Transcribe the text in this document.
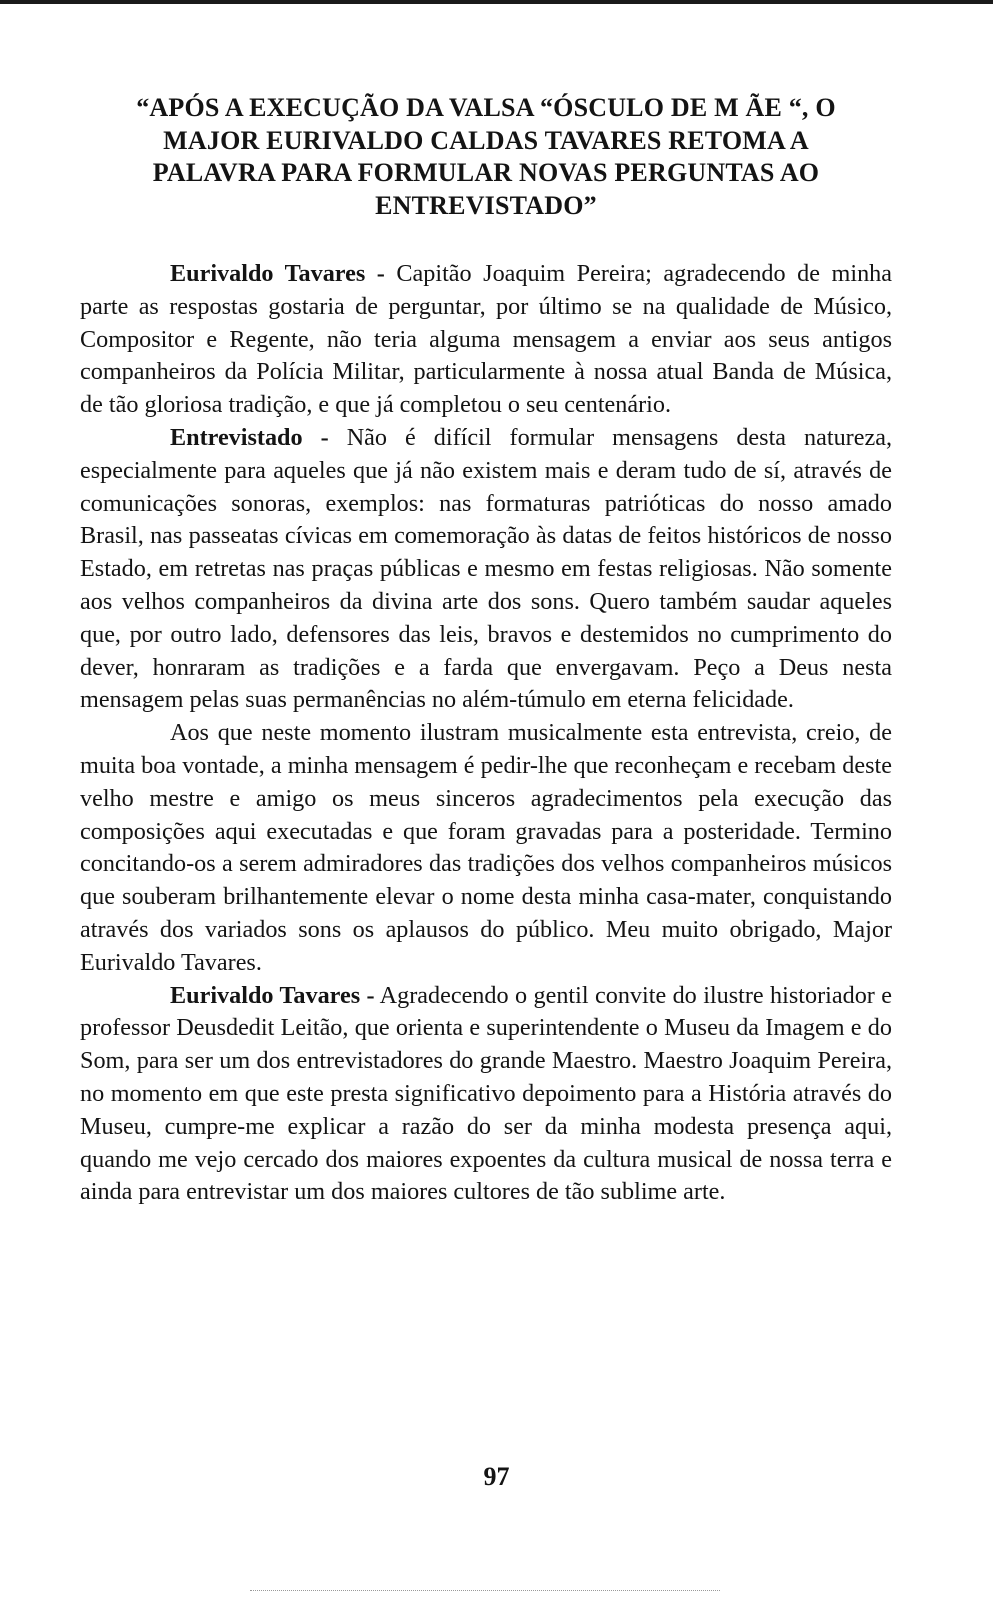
“APÓS A EXECUÇÃO DA VALSA “ÓSCULO DE M ÃE “, O
MAJOR EURIVALDO CALDAS TAVARES RETOMA A
PALAVRA PARA FORMULAR NOVAS PERGUNTAS AO
ENTREVISTADO”

Eurivaldo Tavares - Capitão Joaquim Pereira; agradecendo de minha parte as respostas gostaria de perguntar, por último se na qualidade de Músico, Compositor e Regente, não teria alguma mensagem a enviar aos seus antigos companheiros da Polícia Militar, particularmente à nossa atual Banda de Música, de tão gloriosa tradição, e que já completou o seu centenário.

Entrevistado - Não é difícil formular mensagens desta natureza, especialmente para aqueles que já não existem mais e deram tudo de sí, através de comunicações sonoras, exemplos: nas formaturas patrióticas do nosso amado Brasil, nas passeatas cívicas em comemoração às datas de feitos históricos de nosso Estado, em retretas nas praças públicas e mesmo em festas religiosas. Não somente aos velhos companheiros da divina arte dos sons. Quero também saudar aqueles que, por outro lado, defensores das leis, bravos e destemidos no cumprimento do dever, honraram as tradições e a farda que envergavam. Peço a Deus nesta mensagem pelas suas permanências no além-túmulo em eterna felicidade.

Aos que neste momento ilustram musicalmente esta entrevista, creio, de muita boa vontade, a minha mensagem é pedir-lhe que reconheçam e recebam deste velho mestre e amigo os meus sinceros agradecimentos pela execução das composições aqui executadas e que foram gravadas para a posteridade. Termino concitando-os a serem admiradores das tradições dos velhos companheiros músicos que souberam brilhantemente elevar o nome desta minha casa-mater, conquistando através dos variados sons os aplausos do público. Meu muito obrigado, Major Eurivaldo Tavares.

Eurivaldo Tavares - Agradecendo o gentil convite do ilustre historiador e professor Deusdedit Leitão, que orienta e superintendente o Museu da Imagem e do Som, para ser um dos entrevistadores do grande Maestro. Maestro Joaquim Pereira, no momento em que este presta significativo depoimento para a História através do Museu, cumpre-me explicar a razão do ser da minha modesta presença aqui, quando me vejo cercado dos maiores expoentes da cultura musical de nossa terra e ainda para entrevistar um dos maiores cultores de tão sublime arte.

97
